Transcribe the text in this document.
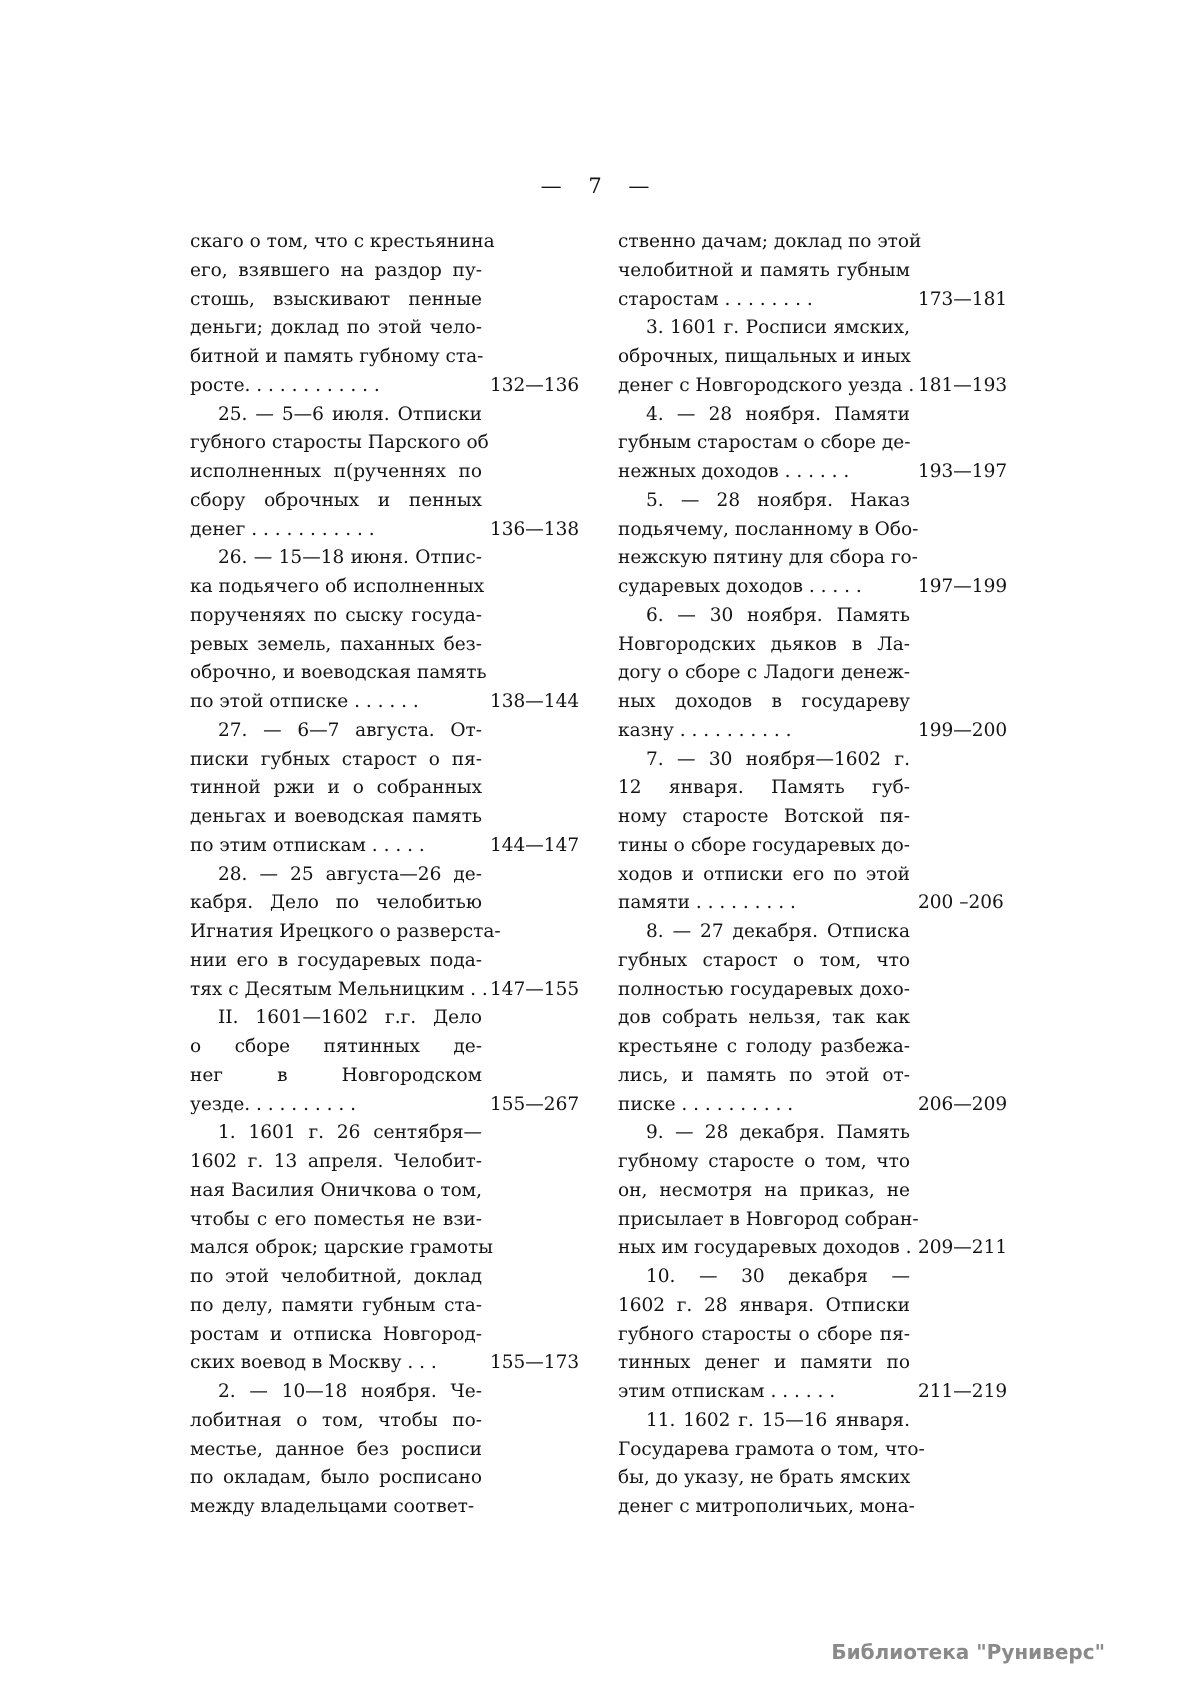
— 7 —
скаго о том, что с крестьянина
его, взявшего на раздор пу-
стошь, взыскивают пенные
деньги; доклад по этой чело-
битной и память губному ста-
росте. . . . . . . . . . . .	132—136
25. — 5—6 июля. Отписки
губного старосты Парского об
исполненных п(рученнях по
сбору оброчных и пенных
денег . . . . . . . . . . .	136—138
26. — 15—18 июня. Отпис-
ка подьячего об исполненных
порученяях по сыску госуда-
ревых земель, паханных без-
оброчно, и воеводская память
по этой отписке . . . . . .	138—144
27. — 6—7 августа. От-
писки губных старост о пя-
тинной ржи и о собранных
деньгах и воеводская память
по этим отпискам . . . . .	144—147
28. — 25 августа—26 де-
кабря. Дело по челобитью
Игнатия Ирецкого о разверста-
нии его в государевых пода-
тях с Десятым Мельницким . . 147—155
II. 1601—1602 г.г. Дело
о сборе пятинных де-
нег в Новгородском
уезде. . . . . . . . . .	155—267
1. 1601 г. 26 сентября—
1602 г. 13 апреля. Челобит-
ная Василия Оничкова о том,
чтобы с его поместья не взи-
мался оброк; царские грамоты
по этой челобитной, доклад
по делу, памяти губным ста-
ростам и отписка Новгород-
ских воевод в Москву . . .	155—173
2. — 10—18 ноября. Че-
лобитная о том, чтобы по-
местье, данное без росписи
по окладам, было росписано
между владельцами соответ-
ственно дачам; доклад по этой
челобитной и память губным
старостам . . . . . . . .	173—181
3. 1601 г. Росписи ямских,
оброчных, пищальных и иных
денег с Новгородского уезда . 181—193
4. — 28 ноября. Памяти
губным старостам о сборе де-
нежных доходов . . . . . .	193—197
5. — 28 ноября. Наказ
подьячему, посланному в Обо-
нежскую пятину для сбора го-
сударевых доходов . . . . .	197—199
6. — 30 ноября. Память
Новгородских дьяков в Ла-
догу о сборе с Ладоги денеж-
ных доходов в государеву
казну . . . . . . . . . .	199—200
7. — 30 ноября—1602 г.
12 января. Память губ-
ному старосте Вотской пя-
тины о сборе государевых до-
ходов и отписки его по этой
памяти . . . . . . . . .	200 –206
8. — 27 декабря. Отписка
губных старост о том, что
полностью государевых дохо-
дов собрать нельзя, так как
крестьяне с голоду разбежа-
лись, и память по этой от-
писке . . . . . . . . . .	206—209
9. — 28 декабря. Память
губному старосте о том, что
он, несмотря на приказ, не
присылает в Новгород собран-
ных им государевых доходов . 209—211
10. — 30 декабря —
1602 г. 28 января. Отписки
губного старосты о сборе пя-
тинных денег и памяти по
этим отпискам . . . . . .	211—219
11. 1602 г. 15—16 января.
Государева грамота о том, что-
бы, до указу, не брать ямских
денег с митрополичьих, мона-
Библиотека "Руниверс"
